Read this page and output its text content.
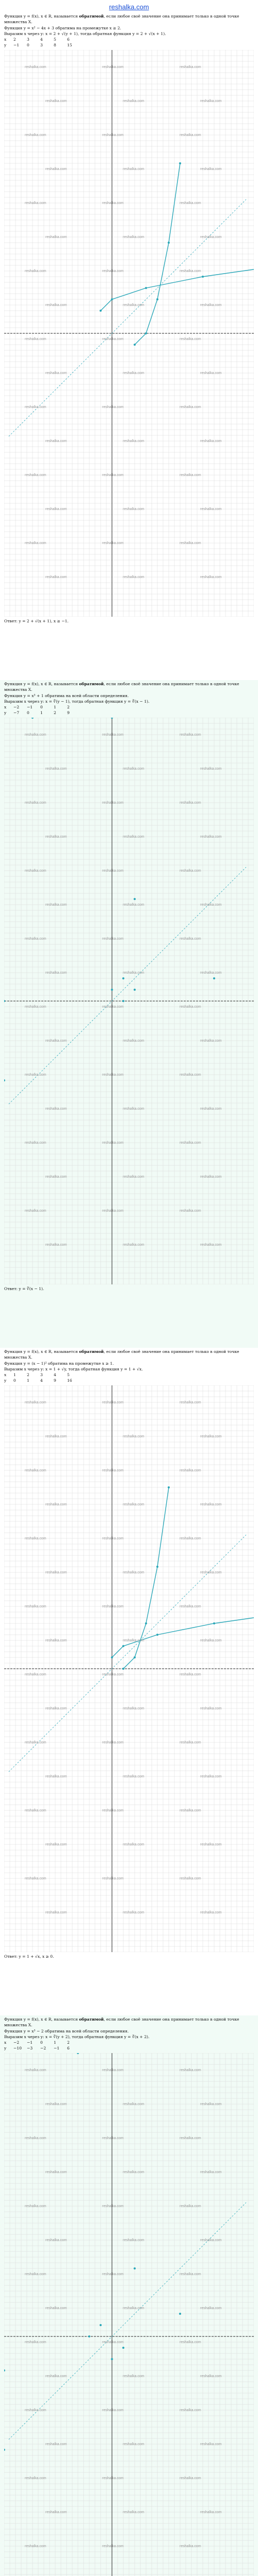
reshalka.com

Функция y = f(x), x ∈ R, называется обратимой, если любое своё значение она принимает только в одной точке множества X.

Функция y = x² − 4x + 3 обратима на промежутке x ≥ 2.

Выразим x через y: x = 2 + √(y + 1), тогда обратная функция y = 2 + √(x + 1).

x 2	3	4	5	6
y −1 0	3	8	15
reshalka.com	reshalka.com	reshalka.com
reshalka.com	reshalka.com	reshalka.com
reshalka.com	reshalka.com	reshalka.com
reshalka.com	reshalka.com	reshalka.com
reshalka.com	reshalka.com	reshalka.com
reshalka.com	reshalka.com	reshalka.com
reshalka.com	reshalka.com	reshalka.com
reshalka.com	reshalka.com	reshalka.com
reshalka.com	reshalka.com	reshalka.com
reshalka.com	reshalka.com	reshalka.com
reshalka.com	reshalka.com	reshalka.com
reshalka.com	reshalka.com	reshalka.com
reshalka.com	reshalka.com	reshalka.com
reshalka.com	reshalka.com	reshalka.com
reshalka.com	reshalka.com	reshalka.com
reshalka.com	reshalka.com	reshalka.com

Ответ: y = 2 + √(x + 1), x ≥ −1.

Функция y = f(x), x ∈ R, называется обратимой, если любое своё значение она принимает только в одной точке множества X.

Функция y = x³ + 1 обратима на всей области определения.

Выразим x через y: x = ∛(y − 1), тогда обратная функция y = ∛(x − 1).

x −2 −1 0	1	2
y −7 0	1	2	9
reshalka.com	reshalka.com	reshalka.com
reshalka.com	reshalka.com	reshalka.com
reshalka.com	reshalka.com	reshalka.com
reshalka.com	reshalka.com	reshalka.com
reshalka.com	reshalka.com	reshalka.com
reshalka.com	reshalka.com	reshalka.com
reshalka.com	reshalka.com	reshalka.com
reshalka.com	reshalka.com	reshalka.com
reshalka.com	reshalka.com	reshalka.com
reshalka.com	reshalka.com	reshalka.com
reshalka.com	reshalka.com	reshalka.com
reshalka.com	reshalka.com	reshalka.com
reshalka.com	reshalka.com	reshalka.com
reshalka.com	reshalka.com	reshalka.com
reshalka.com	reshalka.com	reshalka.com
reshalka.com	reshalka.com	reshalka.com

Ответ: y = ∛(x − 1).

Функция y = f(x), x ∈ R, называется обратимой, если любое своё значение она принимает только в одной точке множества X.

Функция y = (x − 1)² обратима на промежутке x ≥ 1.

Выразим x через y: x = 1 + √y, тогда обратная функция y = 1 + √x.

x 1	2	3	4	5
y 0	1	4	9	16
reshalka.com	reshalka.com	reshalka.com
reshalka.com	reshalka.com	reshalka.com
reshalka.com	reshalka.com	reshalka.com
reshalka.com	reshalka.com	reshalka.com
reshalka.com	reshalka.com	reshalka.com
reshalka.com	reshalka.com	reshalka.com
reshalka.com	reshalka.com	reshalka.com
reshalka.com	reshalka.com	reshalka.com
reshalka.com	reshalka.com	reshalka.com
reshalka.com	reshalka.com	reshalka.com
reshalka.com	reshalka.com	reshalka.com
reshalka.com	reshalka.com	reshalka.com
reshalka.com	reshalka.com	reshalka.com
reshalka.com	reshalka.com	reshalka.com
reshalka.com	reshalka.com	reshalka.com
reshalka.com	reshalka.com	reshalka.com

Ответ: y = 1 + √x, x ≥ 0.

Функция y = f(x), x ∈ R, называется обратимой, если любое своё значение она принимает только в одной точке множества X.

Функция y = x³ − 2 обратима на всей области определения.

Выразим x через y: x = ∛(y + 2), тогда обратная функция y = ∛(x + 2).

x −2 −1 0	1	2
y −10 −3 −2 −1 6
reshalka.com	reshalka.com	reshalka.com
reshalka.com	reshalka.com	reshalka.com
reshalka.com	reshalka.com	reshalka.com
reshalka.com	reshalka.com	reshalka.com
reshalka.com	reshalka.com	reshalka.com
reshalka.com	reshalka.com	reshalka.com
reshalka.com	reshalka.com	reshalka.com
reshalka.com	reshalka.com	reshalka.com
reshalka.com	reshalka.com	reshalka.com
reshalka.com	reshalka.com	reshalka.com
reshalka.com	reshalka.com	reshalka.com
reshalka.com	reshalka.com	reshalka.com
reshalka.com	reshalka.com	reshalka.com
reshalka.com	reshalka.com	reshalka.com
reshalka.com	reshalka.com	reshalka.com
